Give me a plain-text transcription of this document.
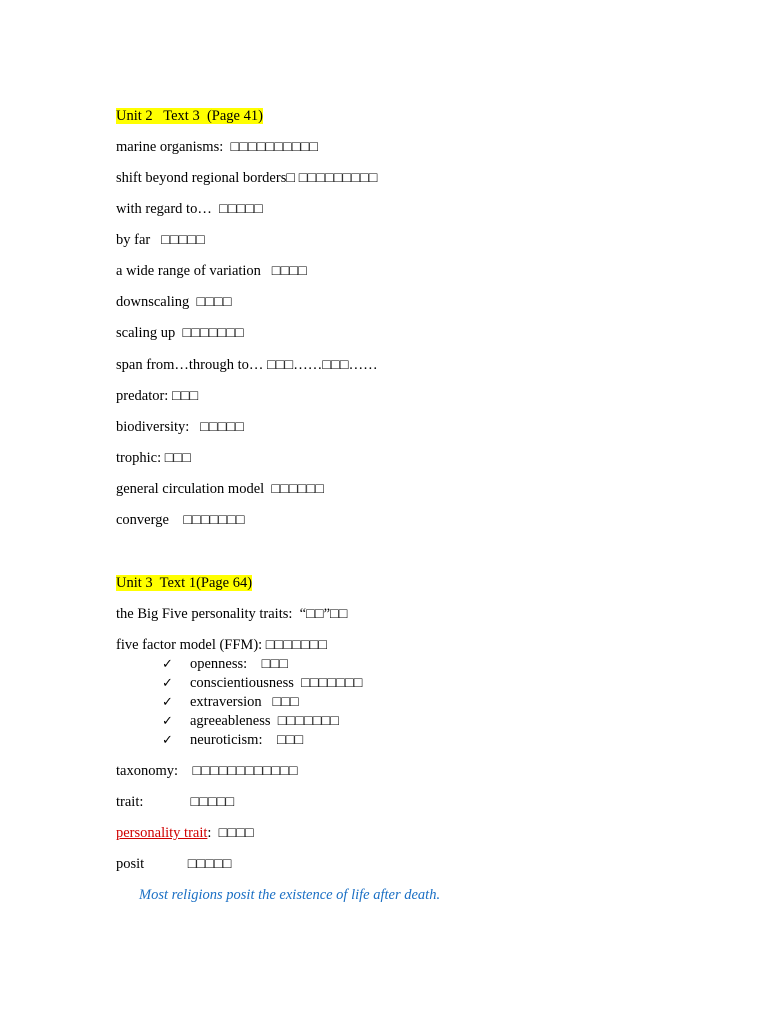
Unit 2   Text 3  (Page 41)
marine organisms:  □□□□□□□□□□
shift beyond regional borders□ □□□□□□□□□
with regard to…  □□□□□
by far   □□□□□
a wide range of variation   □□□□
downscaling  □□□□
scaling up  □□□□□□□
span from…through to… □□□……□□□……
predator: □□□
biodiversity:   □□□□□
trophic: □□□
general circulation model  □□□□□□
converge    □□□□□□□
Unit 3  Text 1(Page 64)
the Big Five personality traits:  “□□”□□
five factor model (FFM): □□□□□□□
✓ openness:    □□□
✓ conscientiousness  □□□□□□□
✓ extraversion   □□□
✓ agreeableness  □□□□□□□
✓ neuroticism:    □□□
taxonomy:    □□□□□□□□□□□□
trait:             □□□□□
personality trait:  □□□□
posit            □□□□□
Most religions posit the existence of life after death.
